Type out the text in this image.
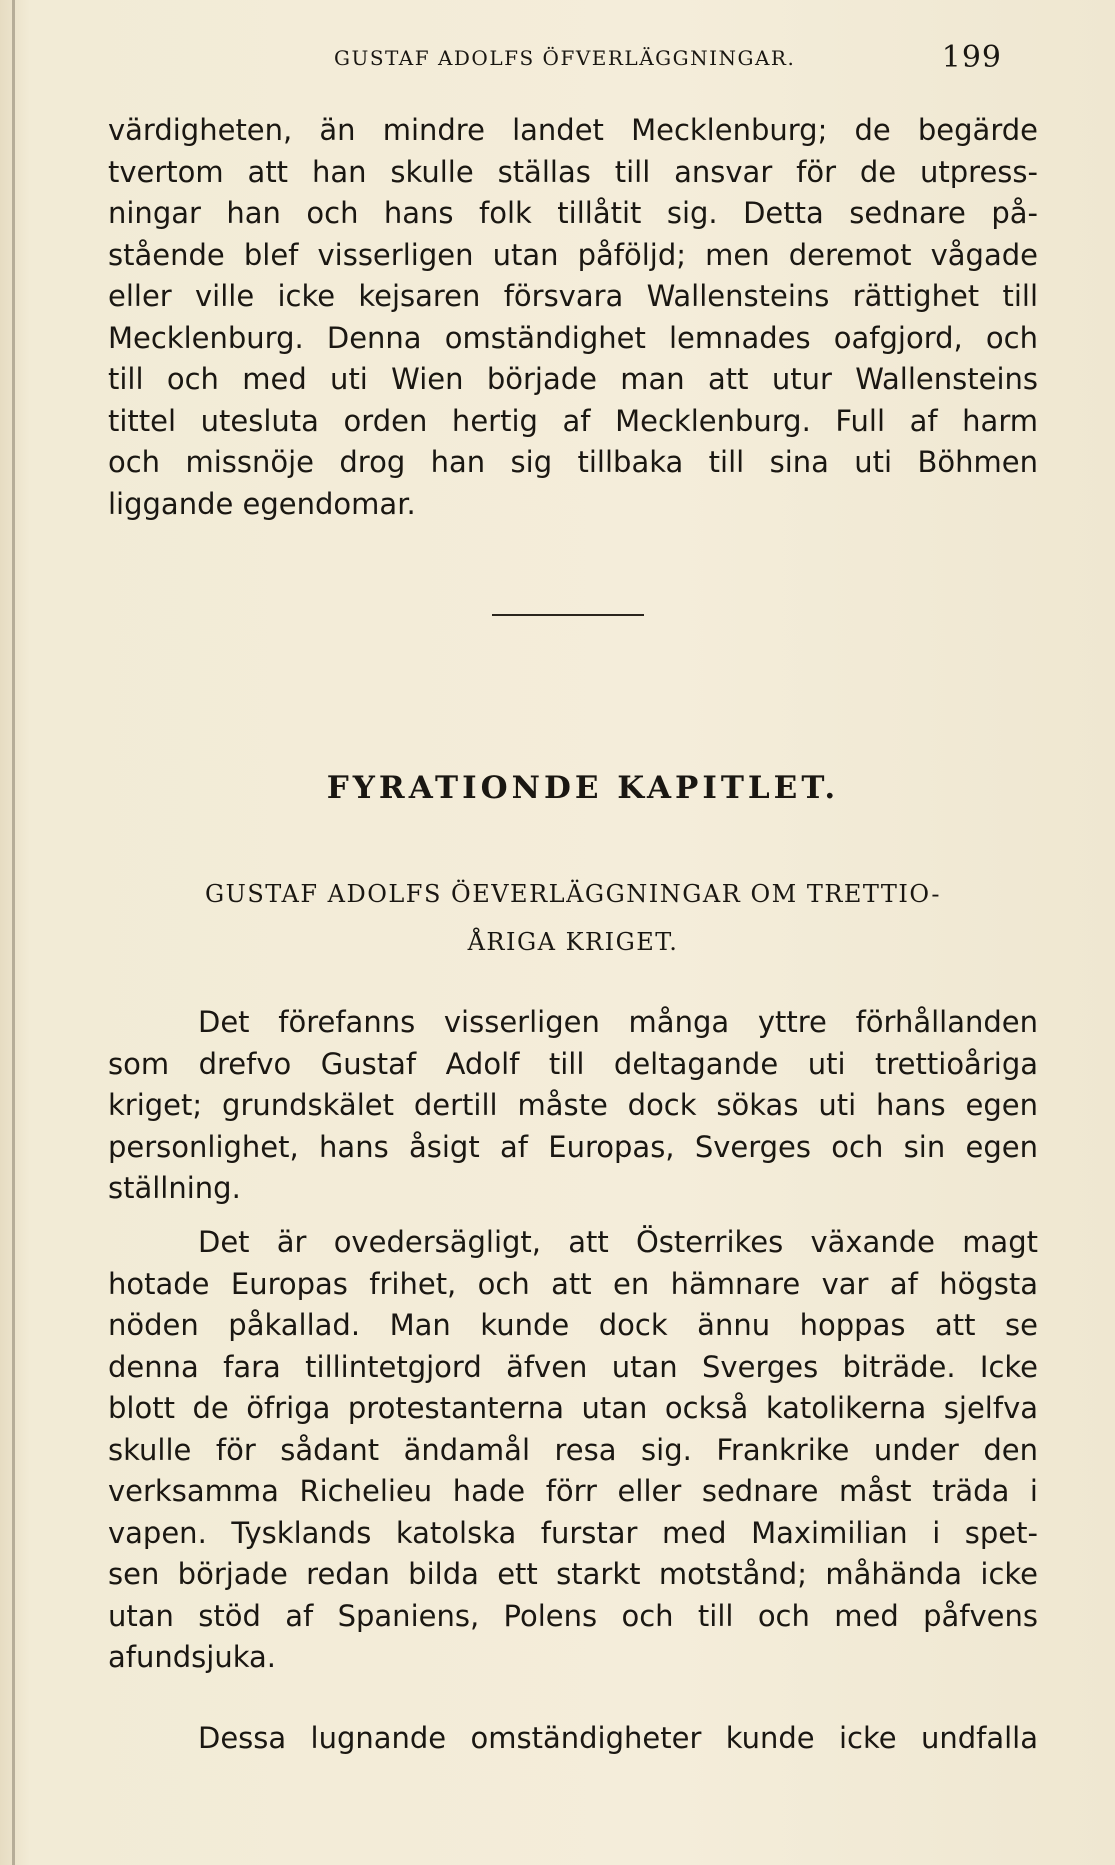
GUSTAF ADOLFS ÖFVERLÄGGNINGAR.	199
värdigheten, än mindre landet Mecklenburg; de begärde
tvertom att han skulle ställas till ansvar för de utpress-
ningar han och hans folk tillåtit sig. Detta sednare på-
stående blef visserligen utan påföljd; men deremot vågade
eller ville icke kejsaren försvara Wallensteins rättighet till
Mecklenburg. Denna omständighet lemnades oafgjord, och
till och med uti Wien började man att utur Wallensteins
tittel utesluta orden hertig af Mecklenburg. Full af harm
och missnöje drog han sig tillbaka till sina uti Böhmen
liggande egendomar.
FYRATIONDE KAPITLET.
GUSTAF ADOLFS ÖEVERLÄGGNINGAR OM TRETTIO-
ÅRIGA KRIGET.
Det förefanns visserligen många yttre förhållanden
som drefvo Gustaf Adolf till deltagande uti trettioåriga
kriget; grundskälet dertill måste dock sökas uti hans egen
personlighet, hans åsigt af Europas, Sverges och sin egen
ställning.
Det är ovedersägligt, att Österrikes växande magt
hotade Europas frihet, och att en hämnare var af högsta
nöden påkallad. Man kunde dock ännu hoppas att se
denna fara tillintetgjord äfven utan Sverges biträde. Icke
blott de öfriga protestanterna utan också katolikerna sjelfva
skulle för sådant ändamål resa sig. Frankrike under den
verksamma Richelieu hade förr eller sednare måst träda i
vapen. Tysklands katolska furstar med Maximilian i spet-
sen började redan bilda ett starkt motstånd; måhända icke
utan stöd af Spaniens, Polens och till och med påfvens
afundsjuka.
Dessa lugnande omständigheter kunde icke undfalla
